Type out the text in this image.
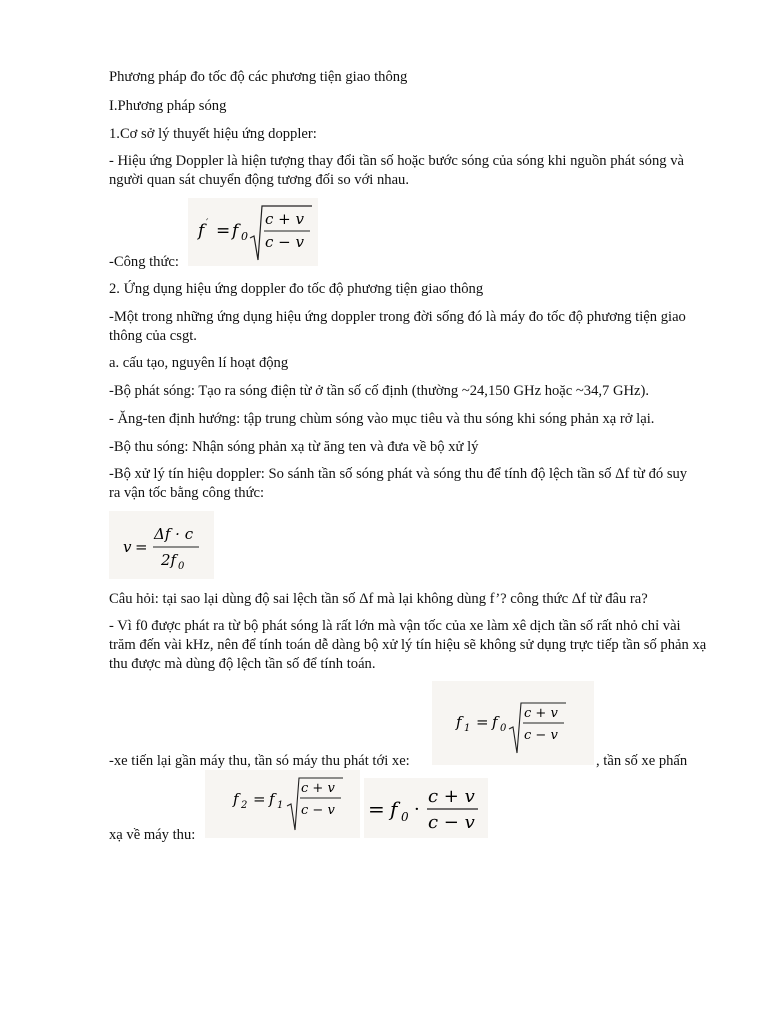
Phương pháp đo tốc độ các phương tiện giao thông
I.Phương pháp sóng
1.Cơ sở lý thuyết hiệu ứng doppler:
- Hiệu ứng Doppler là hiện tượng thay đổi tần số hoặc bước sóng của sóng khi nguồn phát sóng và người quan sát chuyển động tương đối so với nhau.
f ′ = f 0
c + v
c − v
-Công thức:
2. Ứng dụng hiệu ứng doppler đo tốc độ phương tiện giao thông
-Một trong những ứng dụng hiệu ứng doppler trong đời sống đó là máy đo tốc độ phương tiện giao thông của csgt.
a. cấu tạo, nguyên lí hoạt động
-Bộ phát sóng: Tạo ra sóng điện từ ở tần số cố định (thường ~24,150 GHz hoặc ~34,7 GHz).
- Ăng-ten định hướng: tập trung chùm sóng vào mục tiêu và thu sóng khi sóng phản xạ rở lại.
-Bộ thu sóng: Nhận sóng phản xạ từ ăng ten và đưa về bộ xử lý
-Bộ xử lý tín hiệu doppler: So sánh tần số sóng phát và sóng thu để tính độ lệch tần số Δf từ đó suy ra vận tốc bằng công thức:
v =
Δf · c
2f 0
Câu hỏi: tại sao lại dùng độ sai lệch tần số Δf mà lại không dùng f’? công thức Δf từ đâu ra?
- Vì f0 được phát ra từ bộ phát sóng là rất lớn mà vận tốc của xe làm xê dịch tần số rất nhỏ chỉ vài trăm đến vài kHz, nên để tính toán dễ dàng bộ xử lý tín hiệu sẽ không sử dụng trực tiếp tần số phản xạ thu được mà dùng độ lệch tần số để tính toán.
f 1 = f 0
c + v
c − v
-xe tiến lại gần máy thu, tần só máy thu phát tới xe:	, tần số xe phấn
f 2 = f 1
c + v
c − v = f 0 ·
c + v
c − v
xạ về máy thu:
